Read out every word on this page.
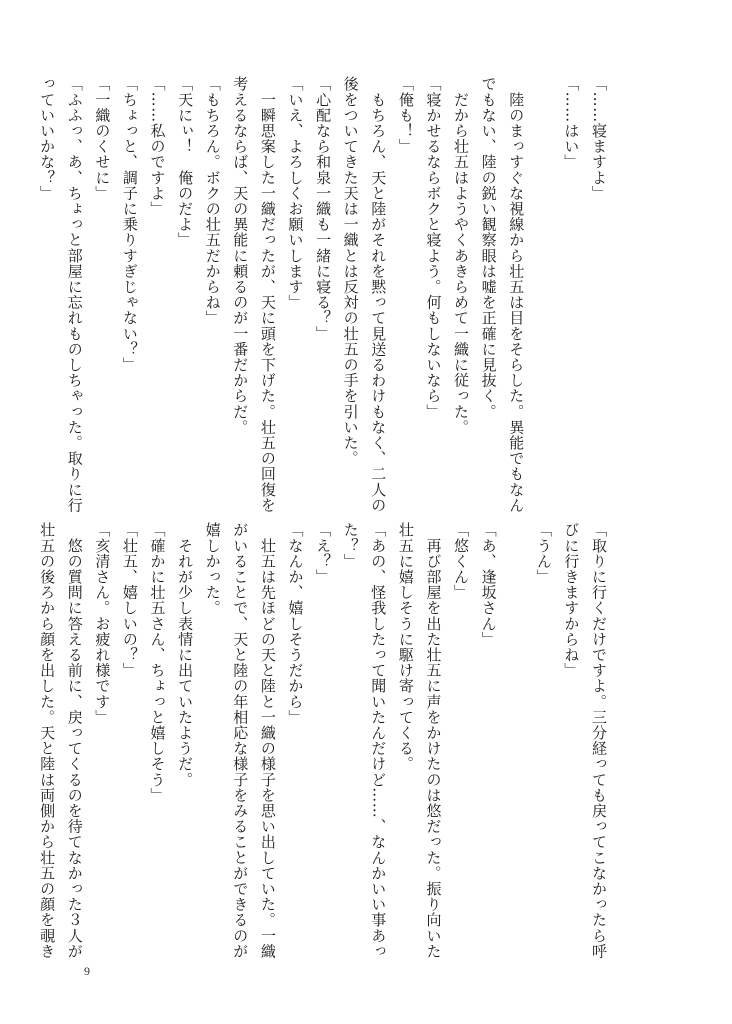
「……寝ますよ」
「……はい」

　陸のまっすぐな視線から壮五は目をそらした。異能でもなん
でもない、陸の鋭い観察眼は嘘を正確に見抜く。
　だから壮五はようやくあきらめて一織に従った。
「寝かせるならボクと寝よう。何もしないなら」
「俺も！」
　もちろん、天と陸がそれを黙って見送るわけもなく、二人の
後をついてきた天は一織とは反対の壮五の手を引いた。
「心配なら和泉一織も一緒に寝る？」
「いえ、よろしくお願いします」
　一瞬思案した一織だったが、天に頭を下げた。壮五の回復を
考えるならば、天の異能に頼るのが一番だからだ。
「もちろん。ボクの壮五だからね」
「天にぃ！　俺のだよ」
「……私のですよ」
「ちょっと、調子に乗りすぎじゃない？」
「一織のくせに」
「ふふっ、あ、ちょっと部屋に忘れものしちゃった。取りに行
っていいかな？」
「取りに行くだけですよ。三分経っても戻ってこなかったら呼
びに行きますからね」
「うん」

「あ、逢坂さん」
「悠くん」
　再び部屋を出た壮五に声をかけたのは悠だった。振り向いた
壮五に嬉しそうに駆け寄ってくる。
「あの、怪我したって聞いたんだけど……、なんかいい事あっ
た？」
「え？」
「なんか、嬉しそうだから」
　壮五は先ほどの天と陸と一織の様子を思い出していた。一織
がいることで、天と陸の年相応な様子をみることができるのが
嬉しかった。
　それが少し表情に出ていたようだ。
「確かに壮五さん、ちょっと嬉しそう」
「壮五、嬉しいの？」
「亥清さん。お疲れ様です」
　悠の質問に答える前に、戻ってくるのを待てなかった３人が
壮五の後ろから顔を出した。天と陸は両側から壮五の顔を覗き
9
